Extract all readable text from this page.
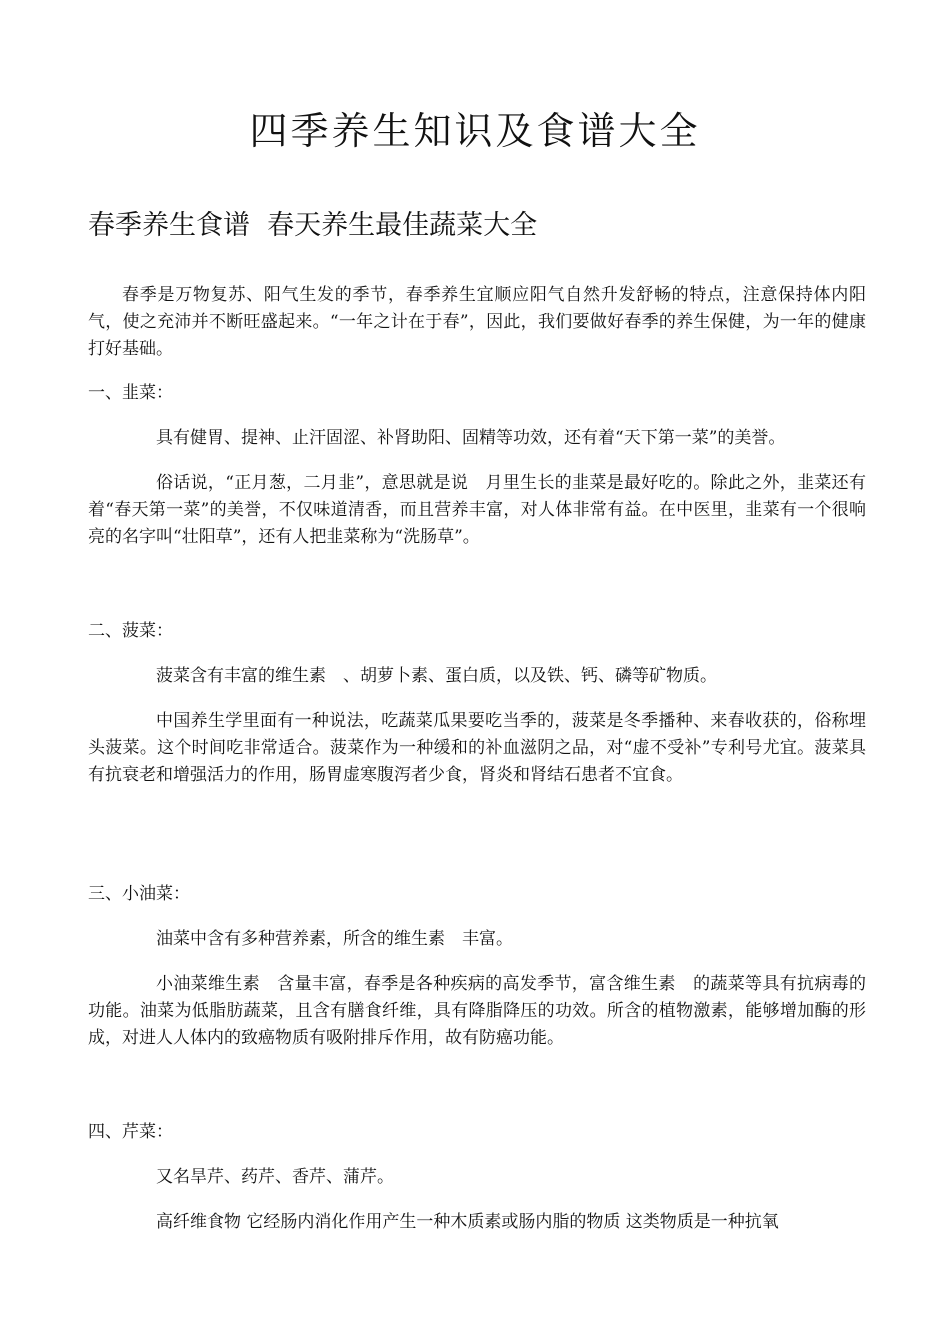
四季养生知识及食谱大全
春季养生食谱  春天养生最佳蔬菜大全

春季是万物复苏、阳气生发的季节，春季养生宜顺应阳气自然升发舒畅的特点，注意保持体内阳气，使之充沛并不断旺盛起来。“一年之计在于春”，因此，我们要做好春季的养生保健，为一年的健康打好基础。

一、韭菜：

具有健胃、提神、止汗固涩、补肾助阳、固精等功效，还有着“天下第一菜”的美誉。

俗话说，“正月葱，二月韭”，意思就是说　月里生长的韭菜是最好吃的。除此之外，韭菜还有着“春天第一菜”的美誉，不仅味道清香，而且营养丰富，对人体非常有益。在中医里，韭菜有一个很响亮的名字叫“壮阳草”，还有人把韭菜称为“洗肠草”。

二、菠菜：

菠菜含有丰富的维生素　、胡萝卜素、蛋白质，以及铁、钙、磷等矿物质。

中国养生学里面有一种说法，吃蔬菜瓜果要吃当季的，菠菜是冬季播种、来春收获的，俗称埋头菠菜。这个时间吃非常适合。菠菜作为一种缓和的补血滋阴之品，对“虚不受补”专利号尤宜。菠菜具有抗衰老和增强活力的作用，肠胃虚寒腹泻者少食，肾炎和肾结石患者不宜食。

三、小油菜：

油菜中含有多种营养素，所含的维生素　丰富。

小油菜维生素　含量丰富，春季是各种疾病的高发季节，富含维生素　的蔬菜等具有抗病毒的功能。油菜为低脂肪蔬菜，且含有膳食纤维，具有降脂降压的功效。所含的植物激素，能够增加酶的形成，对进人人体内的致癌物质有吸附排斥作用，故有防癌功能。

四、芹菜：

又名旱芹、药芹、香芹、蒲芹。

高纤维食物 它经肠内消化作用产生一种木质素或肠内脂的物质 这类物质是一种抗氧
